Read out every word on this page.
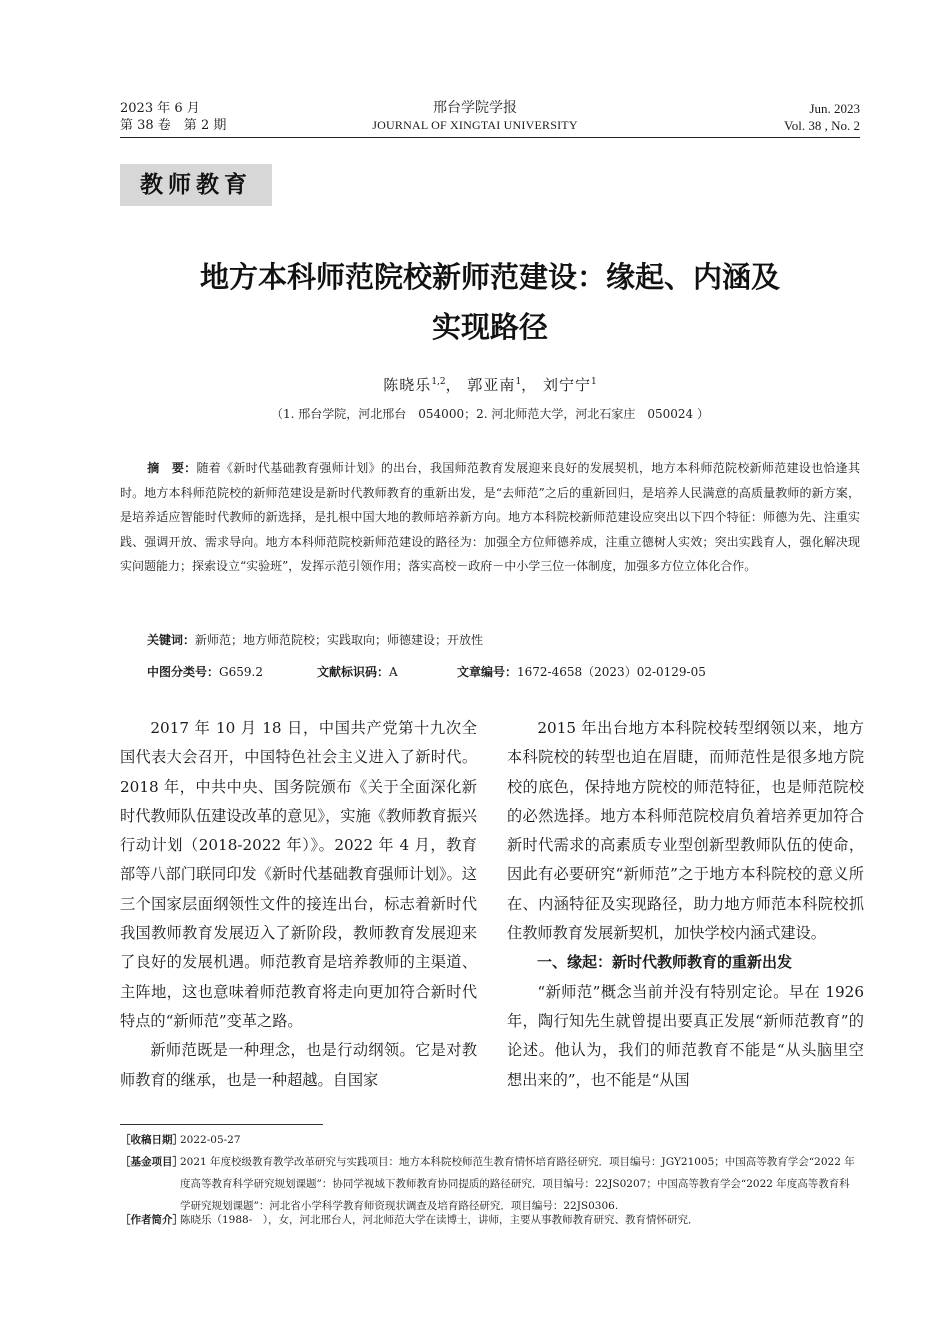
2023 年 6 月
第 38 卷　第 2 期
邢台学院学报
JOURNAL OF XINGTAI UNIVERSITY
Jun. 2023
Vol. 38 , No. 2
教师教育
地方本科师范院校新师范建设：缘起、内涵及
实现路径
陈晓乐$^{1,2}$， 郭亚南$^1$， 刘宁宁$^1$
（1. 邢台学院，河北邢台　054000；2. 河北师范大学，河北石家庄　050024 ）
摘　要：随着《新时代基础教育强师计划》的出台，我国师范教育发展迎来良好的发展契机，地方本科师范院校新师范建设也恰逢其时。地方本科师范院校的新师范建设是新时代教师教育的重新出发，是“去师范”之后的重新回归，是培养人民满意的高质量教师的新方案，是培养适应智能时代教师的新选择，是扎根中国大地的教师培养新方向。地方本科院校新师范建设应突出以下四个特征：师德为先、注重实践、强调开放、需求导向。地方本科师范院校新师范建设的路径为：加强全方位师德养成，注重立德树人实效；突出实践育人，强化解决现实问题能力；探索设立“实验班”，发挥示范引领作用；落实高校－政府－中小学三位一体制度，加强多方位立体化合作。
关键词：新师范；地方师范院校；实践取向；师德建设；开放性
中图分类号：G659.2	文献标识码：A	文章编号：1672-4658（2023）02-0129-05

2017 年 10 月 18 日，中国共产党第十九次全国代表大会召开，中国特色社会主义进入了新时代。2018 年，中共中央、国务院颁布《关于全面深化新时代教师队伍建设改革的意见》，实施《教师教育振兴行动计划（2018-2022 年）》。2022 年 4 月，教育部等八部门联同印发《新时代基础教育强师计划》。这三个国家层面纲领性文件的接连出台，标志着新时代我国教师教育发展迈入了新阶段，教师教育发展迎来了良好的发展机遇。师范教育是培养教师的主渠道、主阵地，这也意味着师范教育将走向更加符合新时代特点的“新师范”变革之路。

新师范既是一种理念，也是行动纲领。它是对教师教育的继承，也是一种超越。自国家

2015 年出台地方本科院校转型纲领以来，地方本科院校的转型也迫在眉睫，而师范性是很多地方院校的底色，保持地方院校的师范特征，也是师范院校的必然选择。地方本科师范院校肩负着培养更加符合新时代需求的高素质专业型创新型教师队伍的使命，因此有必要研究“新师范”之于地方本科院校的意义所在、内涵特征及实现路径，助力地方师范本科院校抓住教师教育发展新契机，加快学校内涵式建设。

一、缘起：新时代教师教育的重新出发

“新师范”概念当前并没有特别定论。早在 1926 年，陶行知先生就曾提出要真正发展“新师范教育”的论述。他认为，我们的师范教育不能是“从头脑里空想出来的”，也不能是“从国

［收稿日期］2022-05-27
［基金项目］2021 年度校级教育教学改革研究与实践项目：地方本科院校师范生教育情怀培育路径研究．项目编号：JGY21005；中国高等教育学会“2022 年度高等教育科学研究规划课题”：协同学视域下教师教育协同提质的路径研究．项目编号：22JS0207；中国高等教育学会“2022 年度高等教育科学研究规划课题”：河北省小学科学教育师资现状调查及培育路径研究．项目编号：22JS0306.
［作者简介］陈晓乐（1988-　），女，河北邢台人，河北师范大学在读博士，讲师，主要从事教师教育研究、教育情怀研究．
